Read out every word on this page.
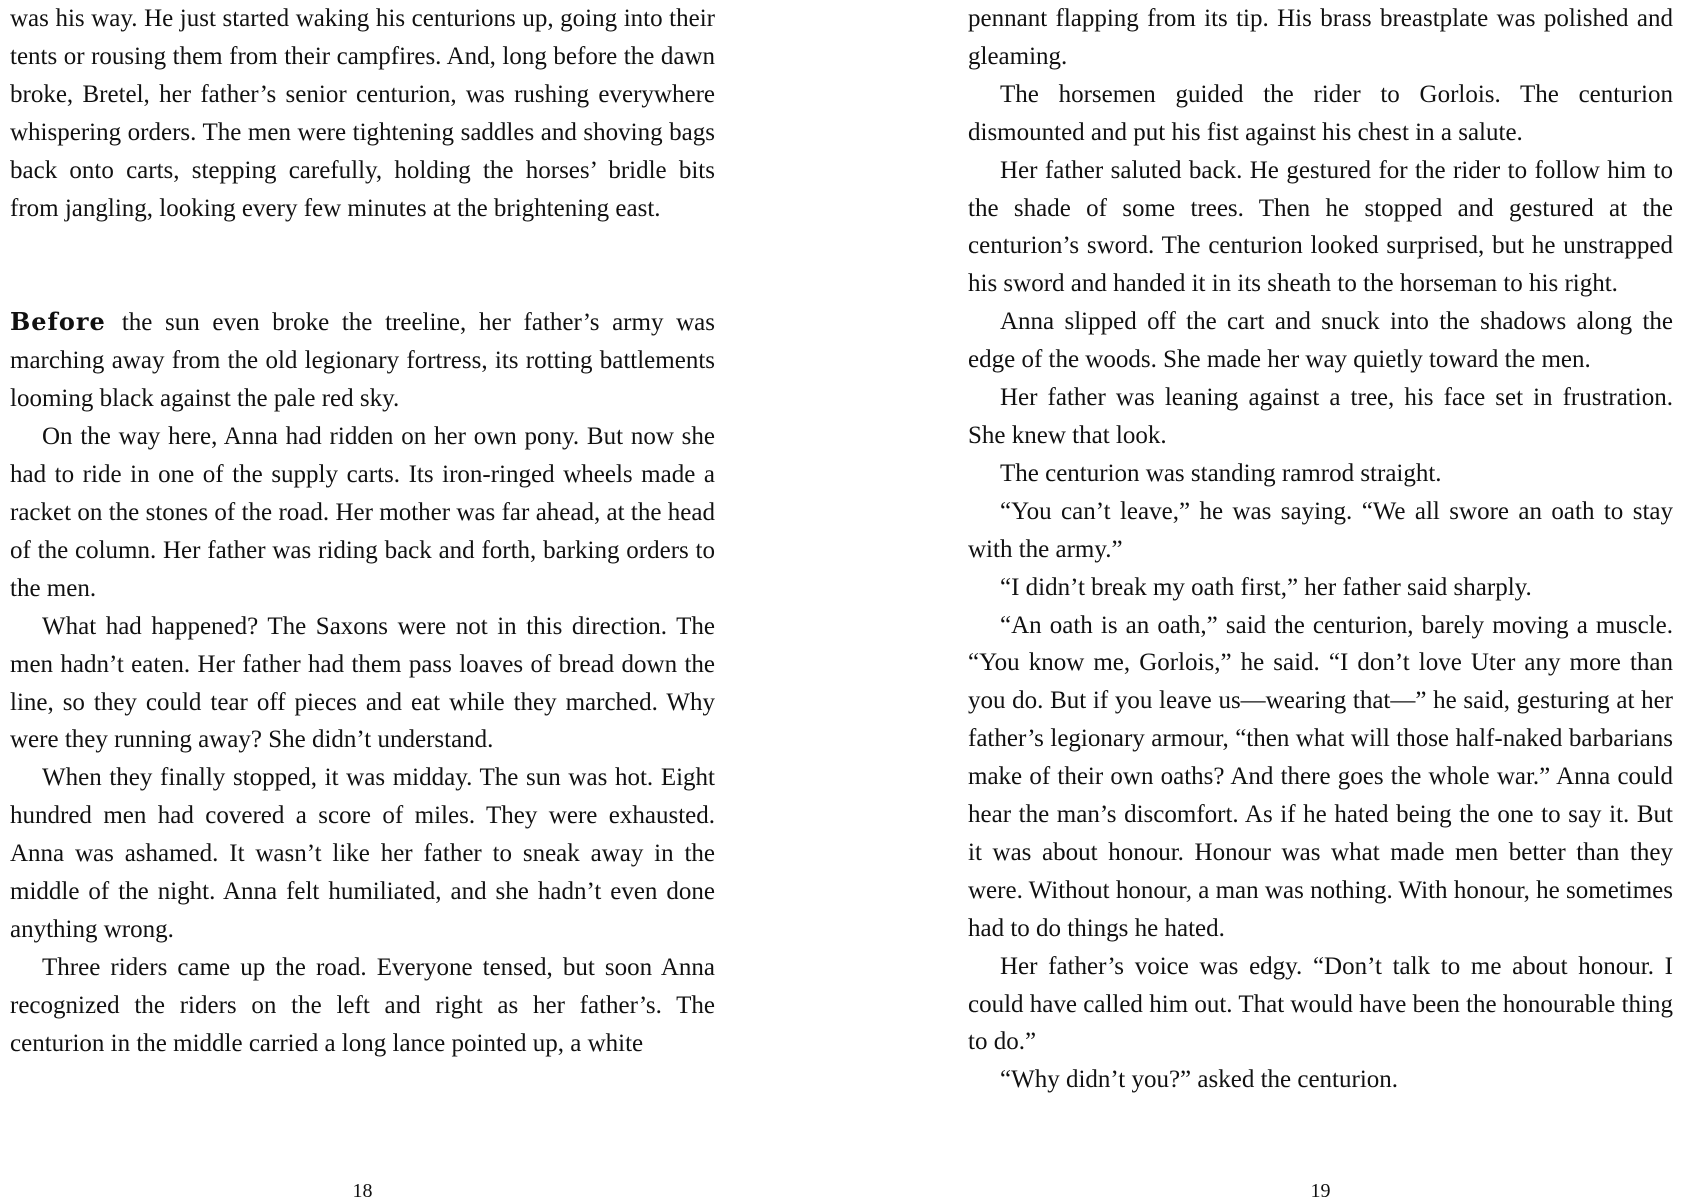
was his way. He just started waking his centurions up, going into their tents or rousing them from their campfires. And, long before the dawn broke, Bretel, her father’s senior centurion, was rushing everywhere whispering orders. The men were tightening saddles and shoving bags back onto carts, stepping carefully, holding the horses’ bridle bits from jangling, looking every few minutes at the brightening east.

Before the sun even broke the treeline, her father’s army was marching away from the old legionary fortress, its rotting battlements looming black against the pale red sky.

On the way here, Anna had ridden on her own pony. But now she had to ride in one of the supply carts. Its iron-ringed wheels made a racket on the stones of the road. Her mother was far ahead, at the head of the column. Her father was riding back and forth, barking orders to the men.

What had happened? The Saxons were not in this direction. The men hadn’t eaten. Her father had them pass loaves of bread down the line, so they could tear off pieces and eat while they marched. Why were they running away? She didn’t understand.

When they finally stopped, it was midday. The sun was hot. Eight hundred men had covered a score of miles. They were exhausted. Anna was ashamed. It wasn’t like her father to sneak away in the middle of the night. Anna felt humiliated, and she hadn’t even done anything wrong.

Three riders came up the road. Everyone tensed, but soon Anna recognized the riders on the left and right as her father’s. The centurion in the middle carried a long lance pointed up, a white

18

pennant flapping from its tip. His brass breastplate was polished and gleaming.

The horsemen guided the rider to Gorlois. The centurion dismounted and put his fist against his chest in a salute.

Her father saluted back. He gestured for the rider to follow him to the shade of some trees. Then he stopped and gestured at the centurion’s sword. The centurion looked surprised, but he unstrapped his sword and handed it in its sheath to the horseman to his right.

Anna slipped off the cart and snuck into the shadows along the edge of the woods. She made her way quietly toward the men.

Her father was leaning against a tree, his face set in frustration. She knew that look.

The centurion was standing ramrod straight.

“You can’t leave,” he was saying. “We all swore an oath to stay with the army.”

“I didn’t break my oath first,” her father said sharply.

“An oath is an oath,” said the centurion, barely moving a muscle. “You know me, Gorlois,” he said. “I don’t love Uter any more than you do. But if you leave us—wearing that—” he said, gesturing at her father’s legionary armour, “then what will those half-naked barbarians make of their own oaths? And there goes the whole war.” Anna could hear the man’s discomfort. As if he hated being the one to say it. But it was about honour. Honour was what made men better than they were. Without honour, a man was nothing. With honour, he sometimes had to do things he hated.

Her father’s voice was edgy. “Don’t talk to me about honour. I could have called him out. That would have been the honourable thing to do.”

“Why didn’t you?” asked the centurion.

19
